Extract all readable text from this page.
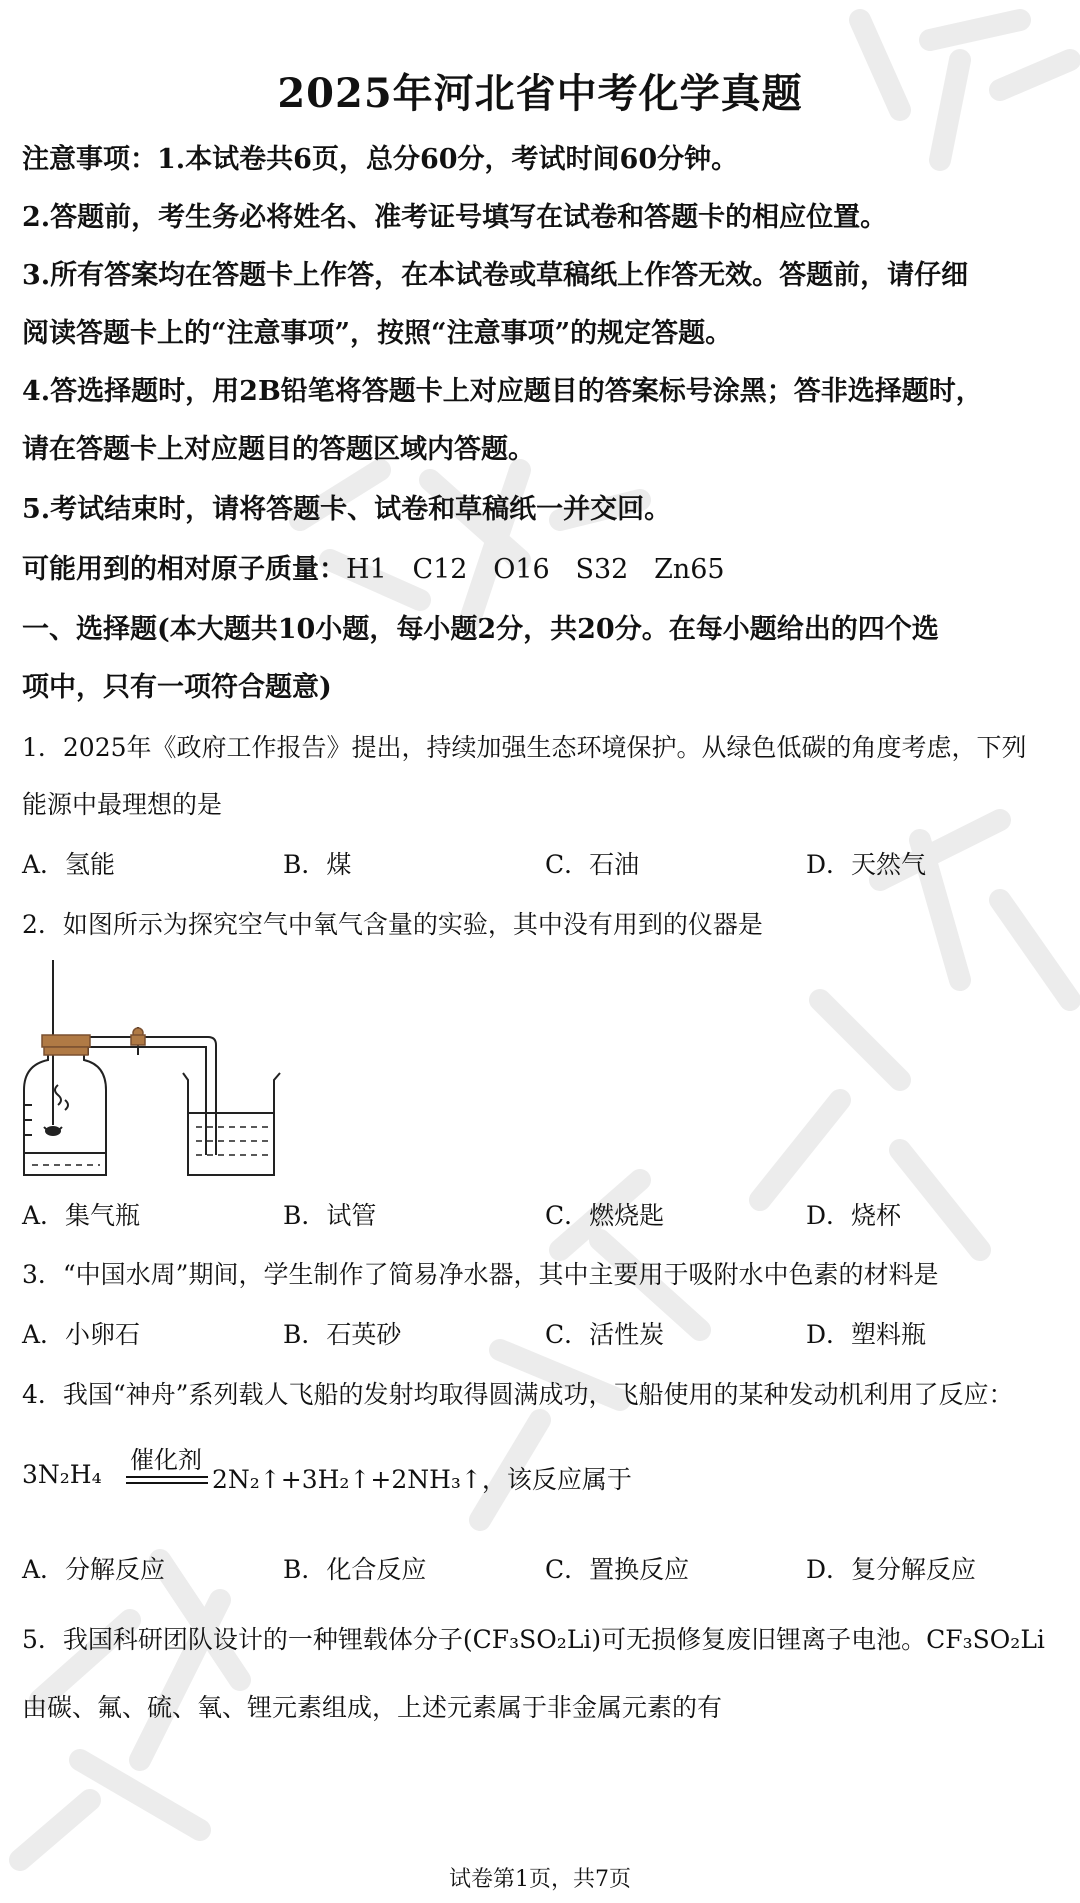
2025年河北省中考化学真题
注意事项：1.本试卷共6页，总分60分，考试时间60分钟。
2.答题前，考生务必将姓名、准考证号填写在试卷和答题卡的相应位置。
3.所有答案均在答题卡上作答，在本试卷或草稿纸上作答无效。答题前，请仔细
阅读答题卡上的“注意事项”，按照“注意事项”的规定答题。
4.答选择题时，用2B铅笔将答题卡上对应题目的答案标号涂黑；答非选择题时，
请在答题卡上对应题目的答题区域内答题。
5.考试结束时，请将答题卡、试卷和草稿纸一并交回。
可能用到的相对原子质量：H1   C12   O16   S32   Zn65
一、选择题(本大题共10小题，每小题2分，共20分。在每小题给出的四个选
项中，只有一项符合题意)
1．2025年《政府工作报告》提出，持续加强生态环境保护。从绿色低碳的角度考虑，下列
能源中最理想的是
A．氢能	B．煤	C．石油	D．天然气
2．如图所示为探究空气中氧气含量的实验，其中没有用到的仪器是
A．集气瓶	B．试管	C．燃烧匙	D．烧杯
3．“中国水周”期间，学生制作了简易净水器，其中主要用于吸附水中色素的材料是
A．小卵石	B．石英砂	C．活性炭	D．塑料瓶
4．我国“神舟”系列载人飞船的发射均取得圆满成功，飞船使用的某种发动机利用了反应：
催化剂
3N₂H₄	2N₂↑+3H₂↑+2NH₃↑，该反应属于
A．分解反应	B．化合反应	C．置换反应	D．复分解反应
5．我国科研团队设计的一种锂载体分子(CF₃SO₂Li)可无损修复废旧锂离子电池。CF₃SO₂Li
由碳、氟、硫、氧、锂元素组成，上述元素属于非金属元素的有
试卷第1页，共7页
